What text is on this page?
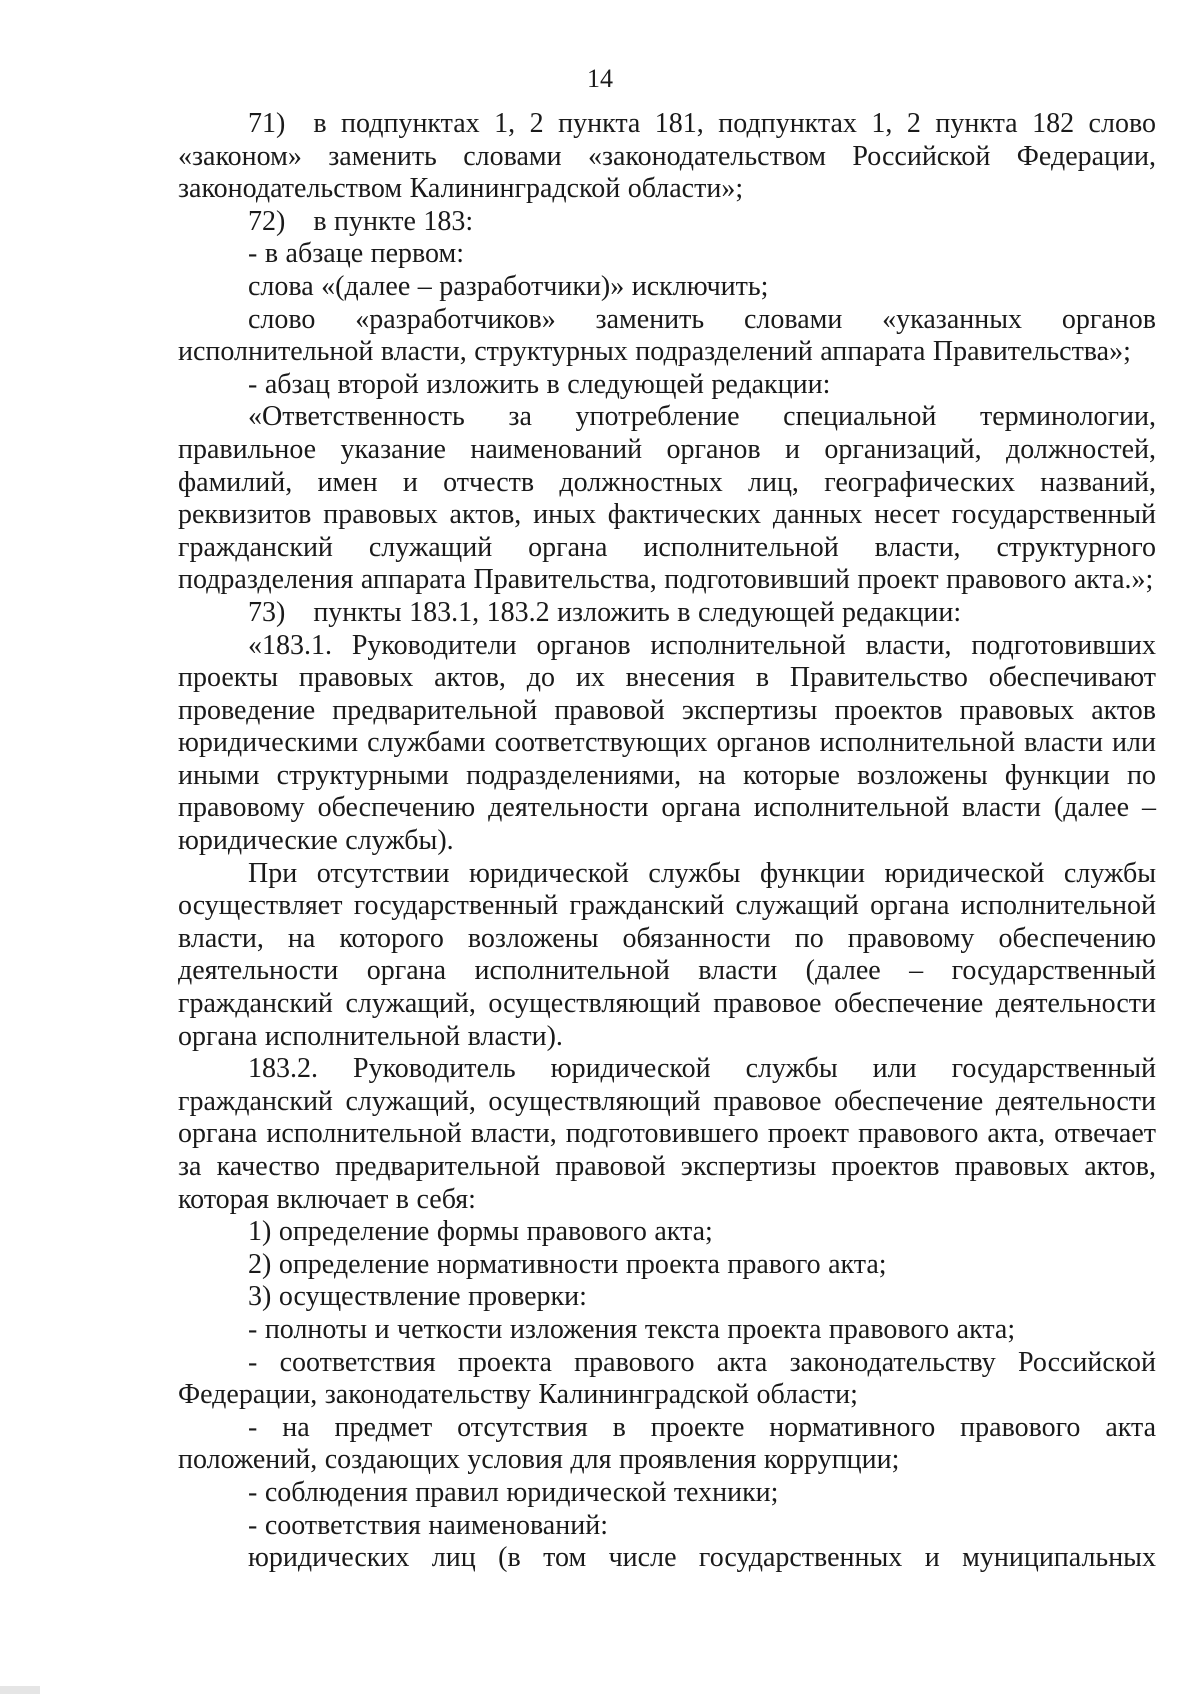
14

71) в подпунктах 1, 2 пункта 181, подпунктах 1, 2 пункта 182 слово «законом» заменить словами «законодательством Российской Федерации, законодательством Калининградской области»;

72) в пункте 183:

- в абзаце первом:

слова «(далее – разработчики)» исключить;

слово «разработчиков» заменить словами «указанных органов исполнительной власти, структурных подразделений аппарата Правительства»;

- абзац второй изложить в следующей редакции:

«Ответственность за употребление специальной терминологии, правильное указание наименований органов и организаций, должностей, фамилий, имен и отчеств должностных лиц, географических названий, реквизитов правовых актов, иных фактических данных несет государственный гражданский служащий органа исполнительной власти, структурного подразделения аппарата Правительства, подготовивший проект правового акта.»;

73) пункты 183.1, 183.2 изложить в следующей редакции:

«183.1. Руководители органов исполнительной власти, подготовивших проекты правовых актов, до их внесения в Правительство обеспечивают проведение предварительной правовой экспертизы проектов правовых актов юридическими службами соответствующих органов исполнительной власти или иными структурными подразделениями, на которые возложены функции по правовому обеспечению деятельности органа исполнительной власти (далее – юридические службы).

При отсутствии юридической службы функции юридической службы осуществляет государственный гражданский служащий органа исполнительной власти, на которого возложены обязанности по правовому обеспечению деятельности органа исполнительной власти (далее – государственный гражданский служащий, осуществляющий правовое обеспечение деятельности органа исполнительной власти).

183.2. Руководитель юридической службы или государственный гражданский служащий, осуществляющий правовое обеспечение деятельности органа исполнительной власти, подготовившего проект правового акта, отвечает за качество предварительной правовой экспертизы проектов правовых актов, которая включает в себя:

1) определение формы правового акта;

2) определение нормативности проекта правого акта;

3) осуществление проверки:

- полноты и четкости изложения текста проекта правового акта;

- соответствия проекта правового акта законодательству Российской Федерации, законодательству Калининградской области;

- на предмет отсутствия в проекте нормативного правового акта положений, создающих условия для проявления коррупции;

- соблюдения правил юридической техники;

- соответствия наименований:

юридических лиц (в том числе государственных и муниципальных
